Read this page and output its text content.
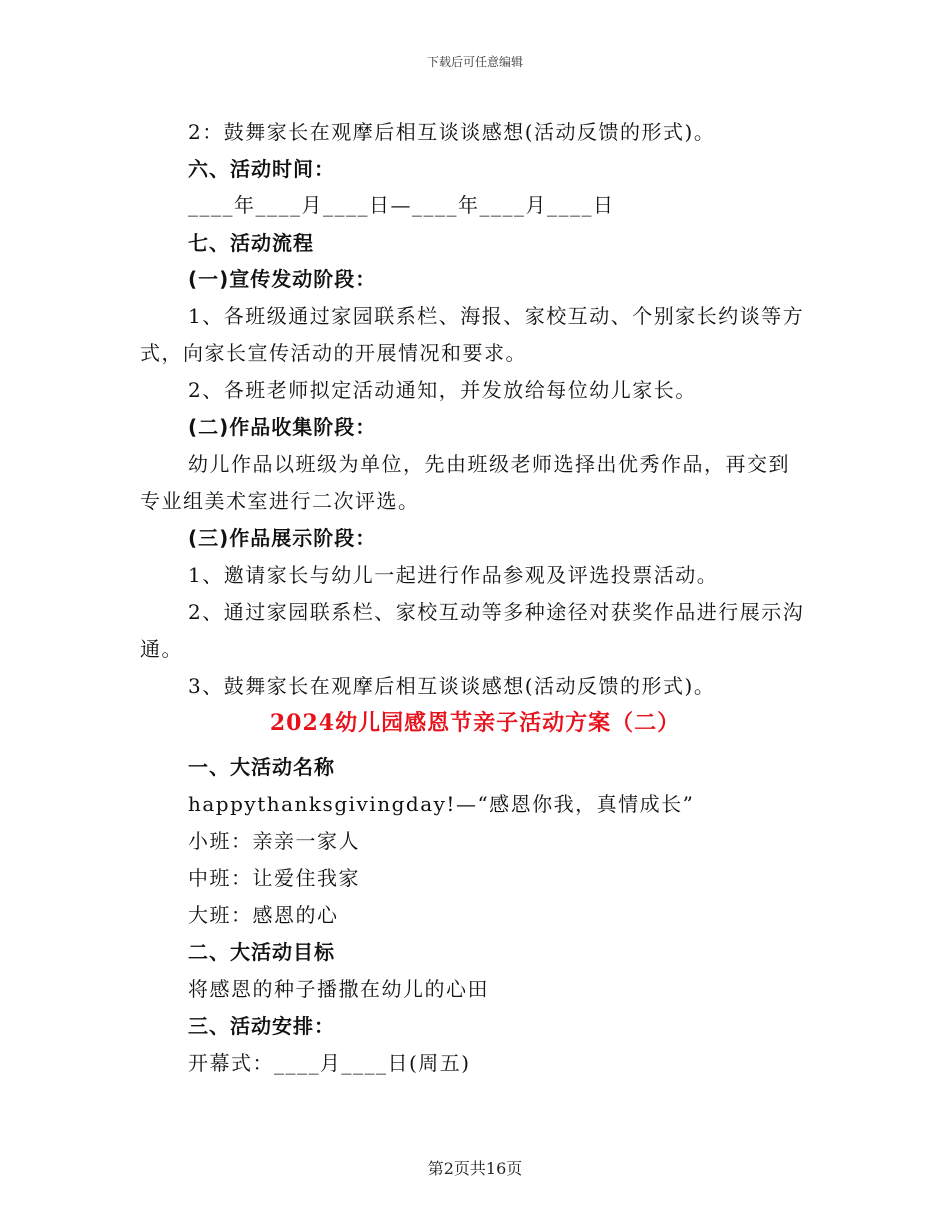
下载后可任意编辑
2：鼓舞家长在观摩后相互谈谈感想(活动反馈的形式)。
六、活动时间：
____年____月____日—____年____月____日
七、活动流程
(一)宣传发动阶段：
1、各班级通过家园联系栏、海报、家校互动、个别家长约谈等方
式，向家长宣传活动的开展情况和要求。
2、各班老师拟定活动通知，并发放给每位幼儿家长。
(二)作品收集阶段：
幼儿作品以班级为单位，先由班级老师选择出优秀作品，再交到
专业组美术室进行二次评选。
(三)作品展示阶段：
1、邀请家长与幼儿一起进行作品参观及评选投票活动。
2、通过家园联系栏、家校互动等多种途径对获奖作品进行展示沟
通。
3、鼓舞家长在观摩后相互谈谈感想(活动反馈的形式)。
2024幼儿园感恩节亲子活动方案（二）
一、大活动名称
happythanksgivingday!—“感恩你我，真情成长”
小班：亲亲一家人
中班：让爱住我家
大班：感恩的心
二、大活动目标
将感恩的种子播撒在幼儿的心田
三、活动安排：
开幕式：____月____日(周五)
第2页共16页
